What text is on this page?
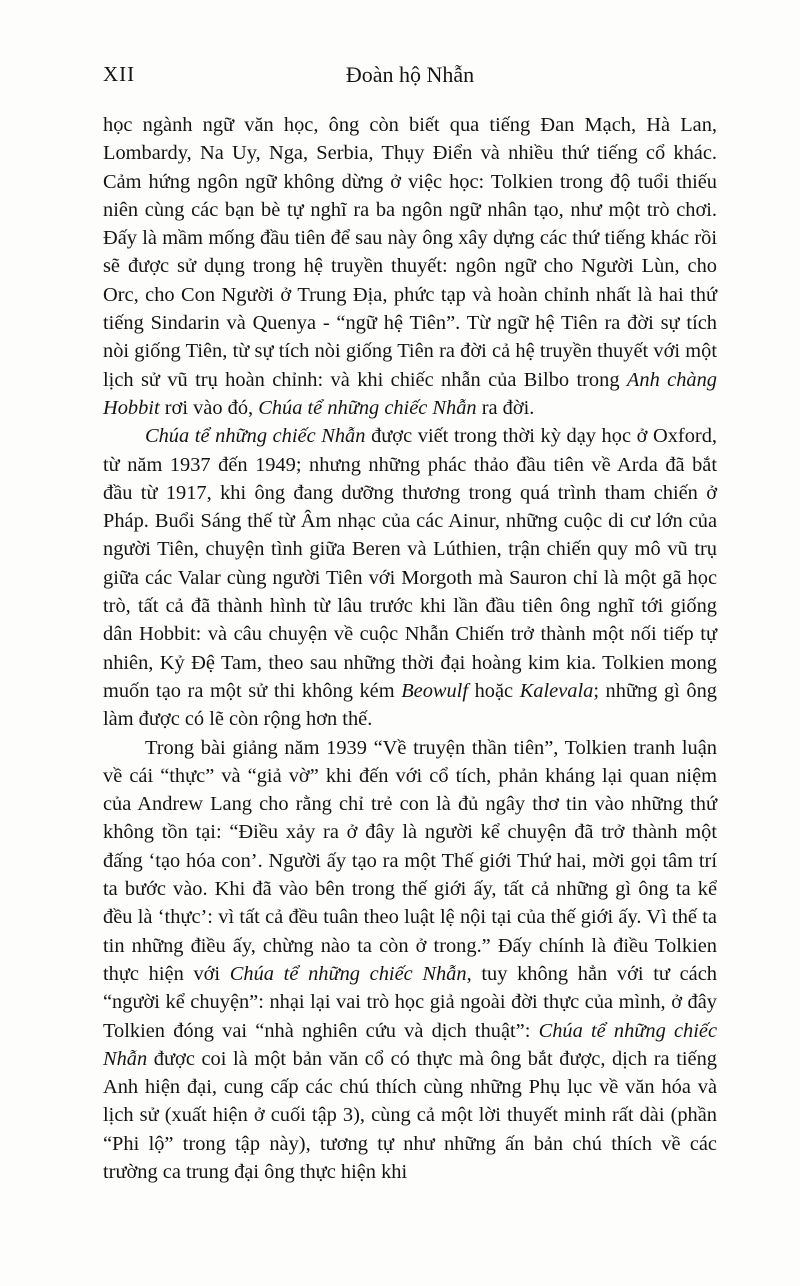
XII	Đoàn hộ Nhẫn

học ngành ngữ văn học, ông còn biết qua tiếng Đan Mạch, Hà Lan, Lombardy, Na Uy, Nga, Serbia, Thụy Điển và nhiều thứ tiếng cổ khác. Cảm hứng ngôn ngữ không dừng ở việc học: Tolkien trong độ tuổi thiếu niên cùng các bạn bè tự nghĩ ra ba ngôn ngữ nhân tạo, như một trò chơi. Đấy là mầm mống đầu tiên để sau này ông xây dựng các thứ tiếng khác rồi sẽ được sử dụng trong hệ truyền thuyết: ngôn ngữ cho Người Lùn, cho Orc, cho Con Người ở Trung Địa, phức tạp và hoàn chỉnh nhất là hai thứ tiếng Sindarin và Quenya - “ngữ hệ Tiên”. Từ ngữ hệ Tiên ra đời sự tích nòi giống Tiên, từ sự tích nòi giống Tiên ra đời cả hệ truyền thuyết với một lịch sử vũ trụ hoàn chỉnh: và khi chiếc nhẫn của Bilbo trong Anh chàng Hobbit rơi vào đó, Chúa tể những chiếc Nhẫn ra đời.

Chúa tể những chiếc Nhẫn được viết trong thời kỳ dạy học ở Oxford, từ năm 1937 đến 1949; nhưng những phác thảo đầu tiên về Arda đã bắt đầu từ 1917, khi ông đang dưỡng thương trong quá trình tham chiến ở Pháp. Buổi Sáng thế từ Âm nhạc của các Ainur, những cuộc di cư lớn của người Tiên, chuyện tình giữa Beren và Lúthien, trận chiến quy mô vũ trụ giữa các Valar cùng người Tiên với Morgoth mà Sauron chỉ là một gã học trò, tất cả đã thành hình từ lâu trước khi lần đầu tiên ông nghĩ tới giống dân Hobbit: và câu chuyện về cuộc Nhẫn Chiến trở thành một nối tiếp tự nhiên, Kỷ Đệ Tam, theo sau những thời đại hoàng kim kia. Tolkien mong muốn tạo ra một sử thi không kém Beowulf hoặc Kalevala; những gì ông làm được có lẽ còn rộng hơn thế.

Trong bài giảng năm 1939 “Về truyện thần tiên”, Tolkien tranh luận về cái “thực” và “giả vờ” khi đến với cổ tích, phản kháng lại quan niệm của Andrew Lang cho rằng chỉ trẻ con là đủ ngây thơ tin vào những thứ không tồn tại: “Điều xảy ra ở đây là người kể chuyện đã trở thành một đấng ‘tạo hóa con’. Người ấy tạo ra một Thế giới Thứ hai, mời gọi tâm trí ta bước vào. Khi đã vào bên trong thế giới ấy, tất cả những gì ông ta kể đều là ‘thực’: vì tất cả đều tuân theo luật lệ nội tại của thế giới ấy. Vì thế ta tin những điều ấy, chừng nào ta còn ở trong.” Đấy chính là điều Tolkien thực hiện với Chúa tể những chiếc Nhẫn, tuy không hẳn với tư cách “người kể chuyện”: nhại lại vai trò học giả ngoài đời thực của mình, ở đây Tolkien đóng vai “nhà nghiên cứu và dịch thuật”: Chúa tể những chiếc Nhẫn được coi là một bản văn cổ có thực mà ông bắt được, dịch ra tiếng Anh hiện đại, cung cấp các chú thích cùng những Phụ lục về văn hóa và lịch sử (xuất hiện ở cuối tập 3), cùng cả một lời thuyết minh rất dài (phần “Phi lộ” trong tập này), tương tự như những ấn bản chú thích về các trường ca trung đại ông thực hiện khi
